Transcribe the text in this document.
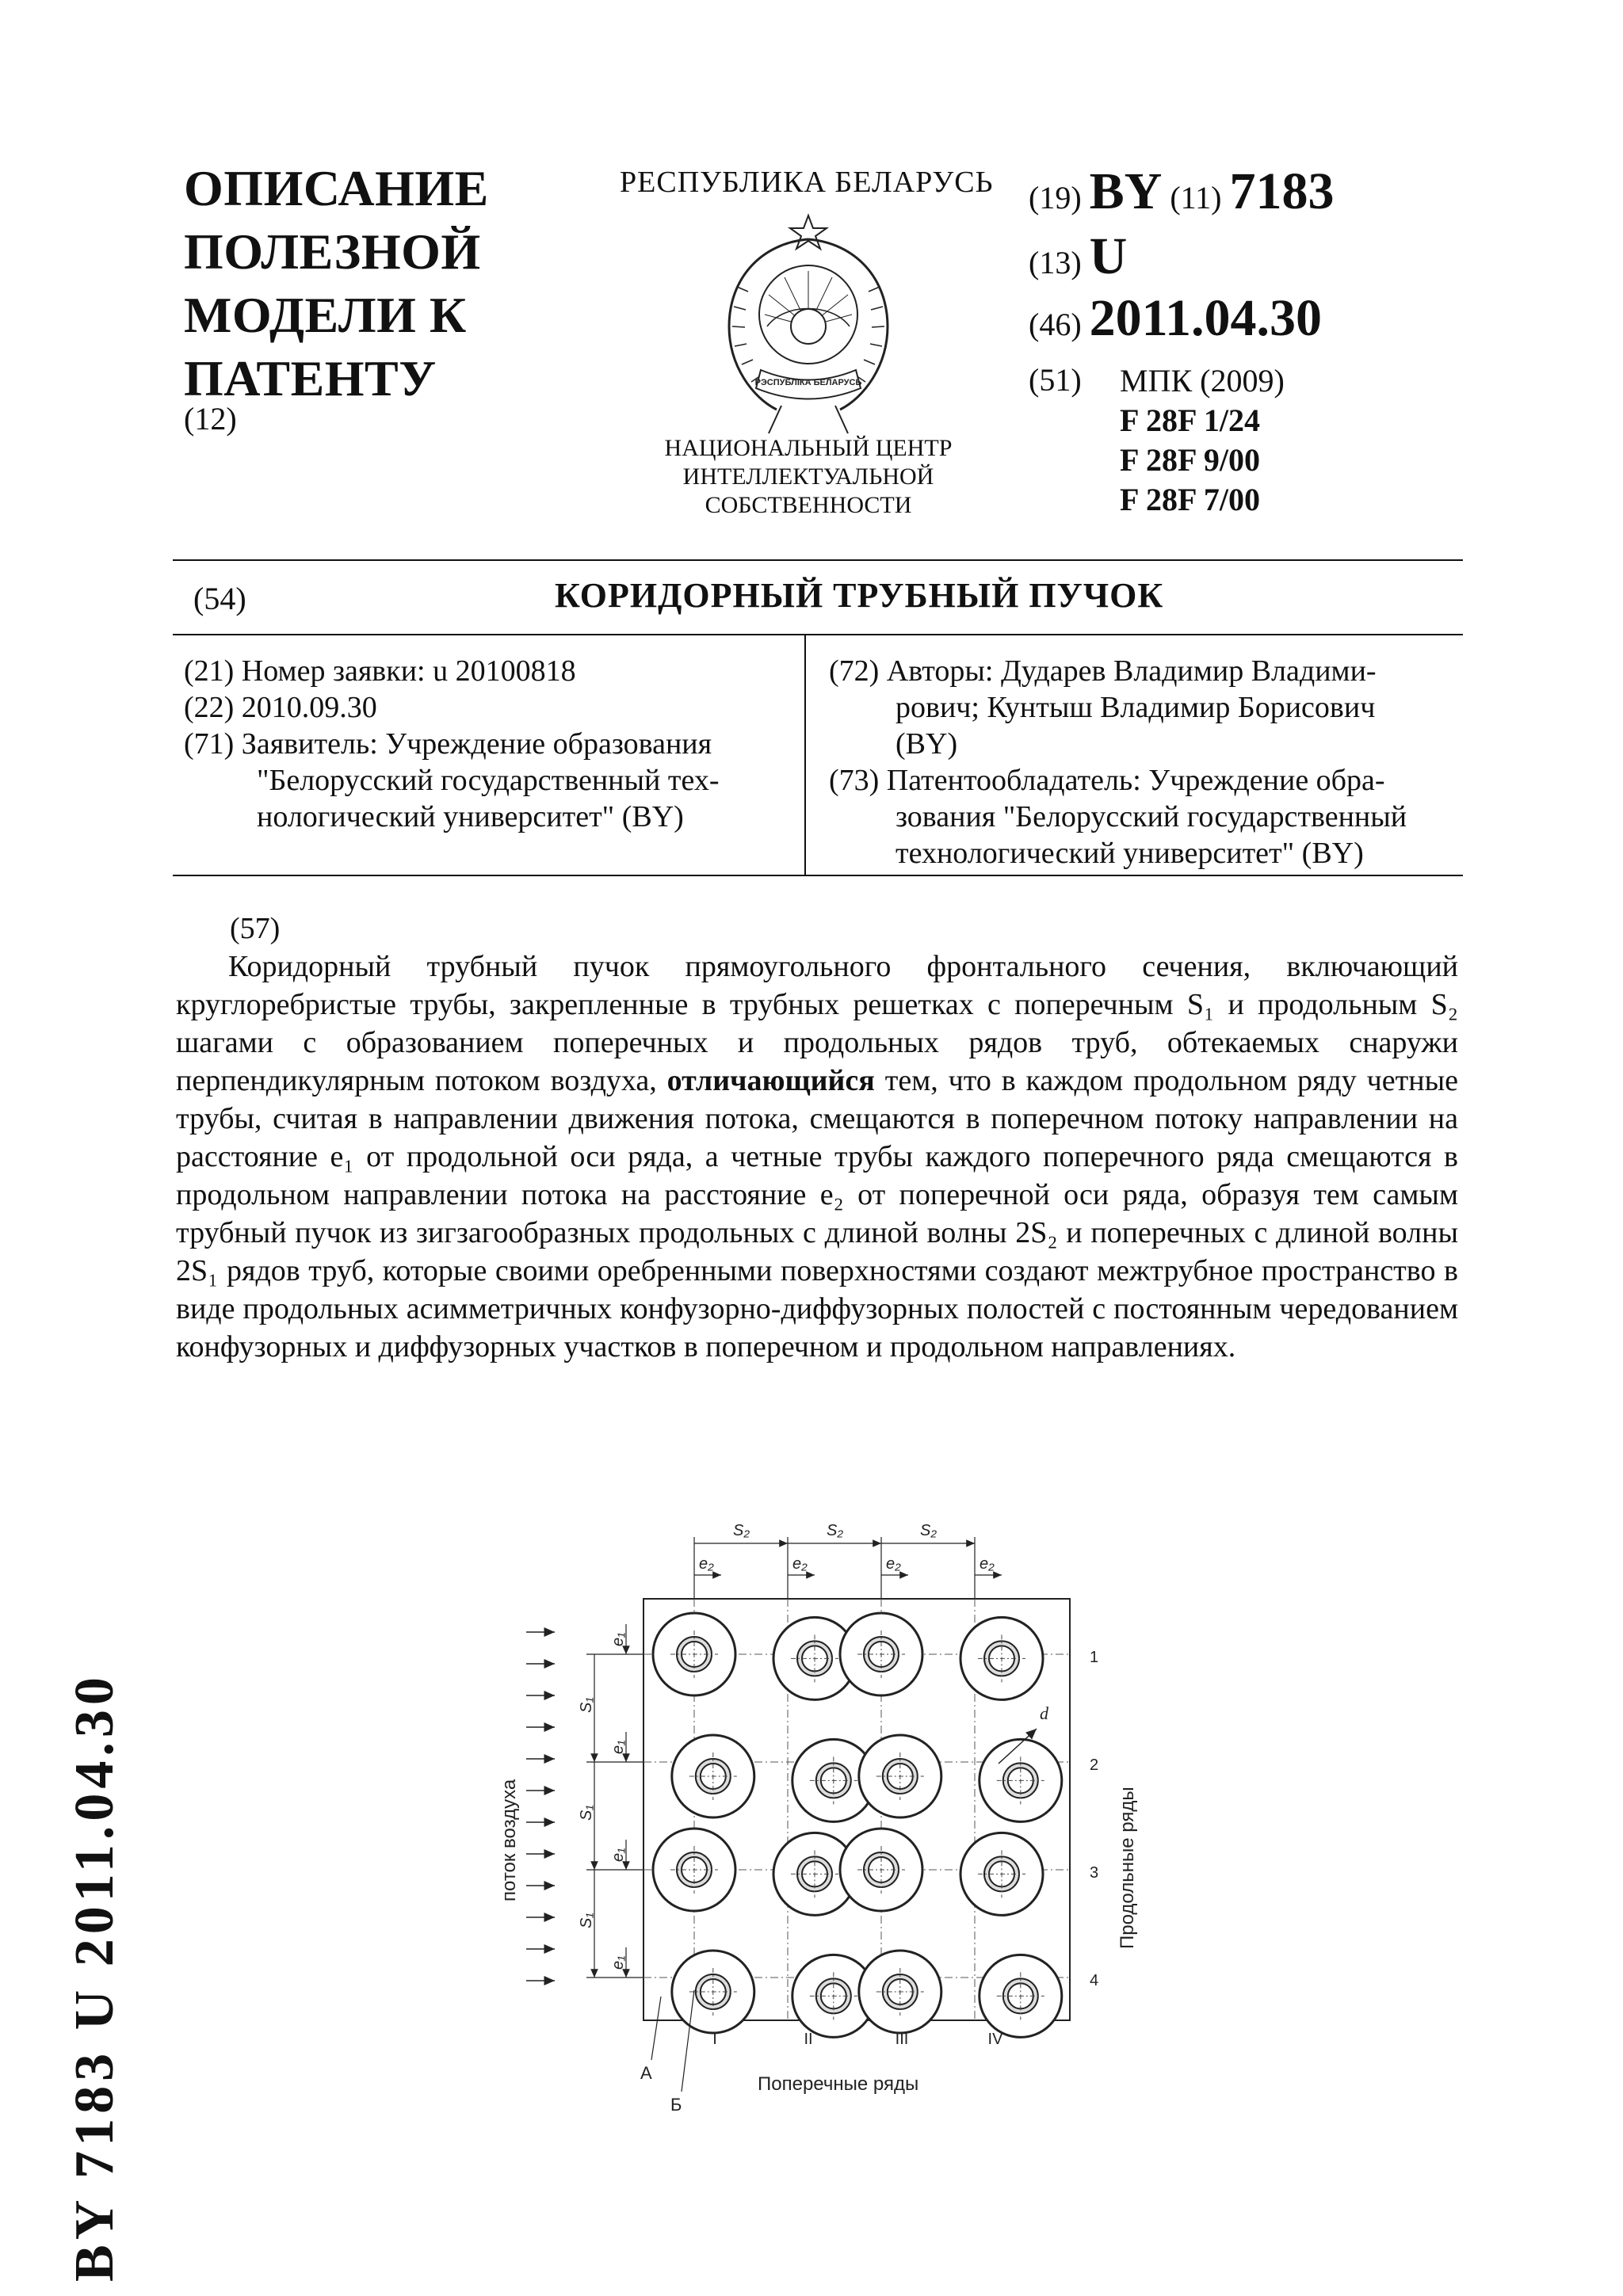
ОПИСАНИЕ
ПОЛЕЗНОЙ
МОДЕЛИ К
ПАТЕНТУ
(12)
РЕСПУБЛИКА БЕЛАРУСЬ
РЭСПУБЛІКА БЕЛАРУСЬ
НАЦИОНАЛЬНЫЙ ЦЕНТР
ИНТЕЛЛЕКТУАЛЬНОЙ
СОБСТВЕННОСТИ
(19) BY (11) 7183
(13) U
(46) 2011.04.30
(51) МПК (2009)
F 28F 1/24
F 28F 9/00
F 28F 7/00
(54)	КОРИДОРНЫЙ ТРУБНЫЙ ПУЧОК
(21) Номер заявки: u 20100818
(22) 2010.09.30
(71) Заявитель: Учреждение образования
"Белорусский государственный тех-
нологический университет" (BY)
(72) Авторы: Дударев Владимир Владими-
рович; Кунтыш Владимир Борисович
(BY)
(73) Патентообладатель: Учреждение обра-
зования "Белорусский государственный
технологический университет" (BY)
(57)

Коридорный трубный пучок прямоугольного фронтального сечения, включающий круглоребристые трубы, закрепленные в трубных решетках с поперечным S₁ и продольным S₂ шагами с образованием поперечных и продольных рядов труб, обтекаемых снаружи перпендикулярным потоком воздуха, отличающийся тем, что в каждом продольном ряду четные трубы, считая в направлении движения потока, смещаются в поперечном потоку направлении на расстояние e₁ от продольной оси ряда, а четные трубы каждого поперечного ряда смещаются в продольном направлении потока на расстояние e₂ от поперечной оси ряда, образуя тем самым трубный пучок из зигзагообразных продольных с длиной волны 2S₂ и поперечных с длиной волны 2S₁ рядов труб, которые своими оребренными поверхностями создают межтрубное пространство в виде продольных асимметричных конфузорно-диффузорных полостей с постоянным чередованием конфузорных и диффузорных участков в поперечном и продольном направлениях.

BY 7183 U 2011.04.30
S₂	S₂	S₂
e₂	e₂	e₂	e₂
S₁
S₁
S₁
e₁
e₁
e₁
e₁
поток воздуха
1
2
3
4
Продольные ряды
d
I	II	III	IV
Поперечные ряды
А
Б
